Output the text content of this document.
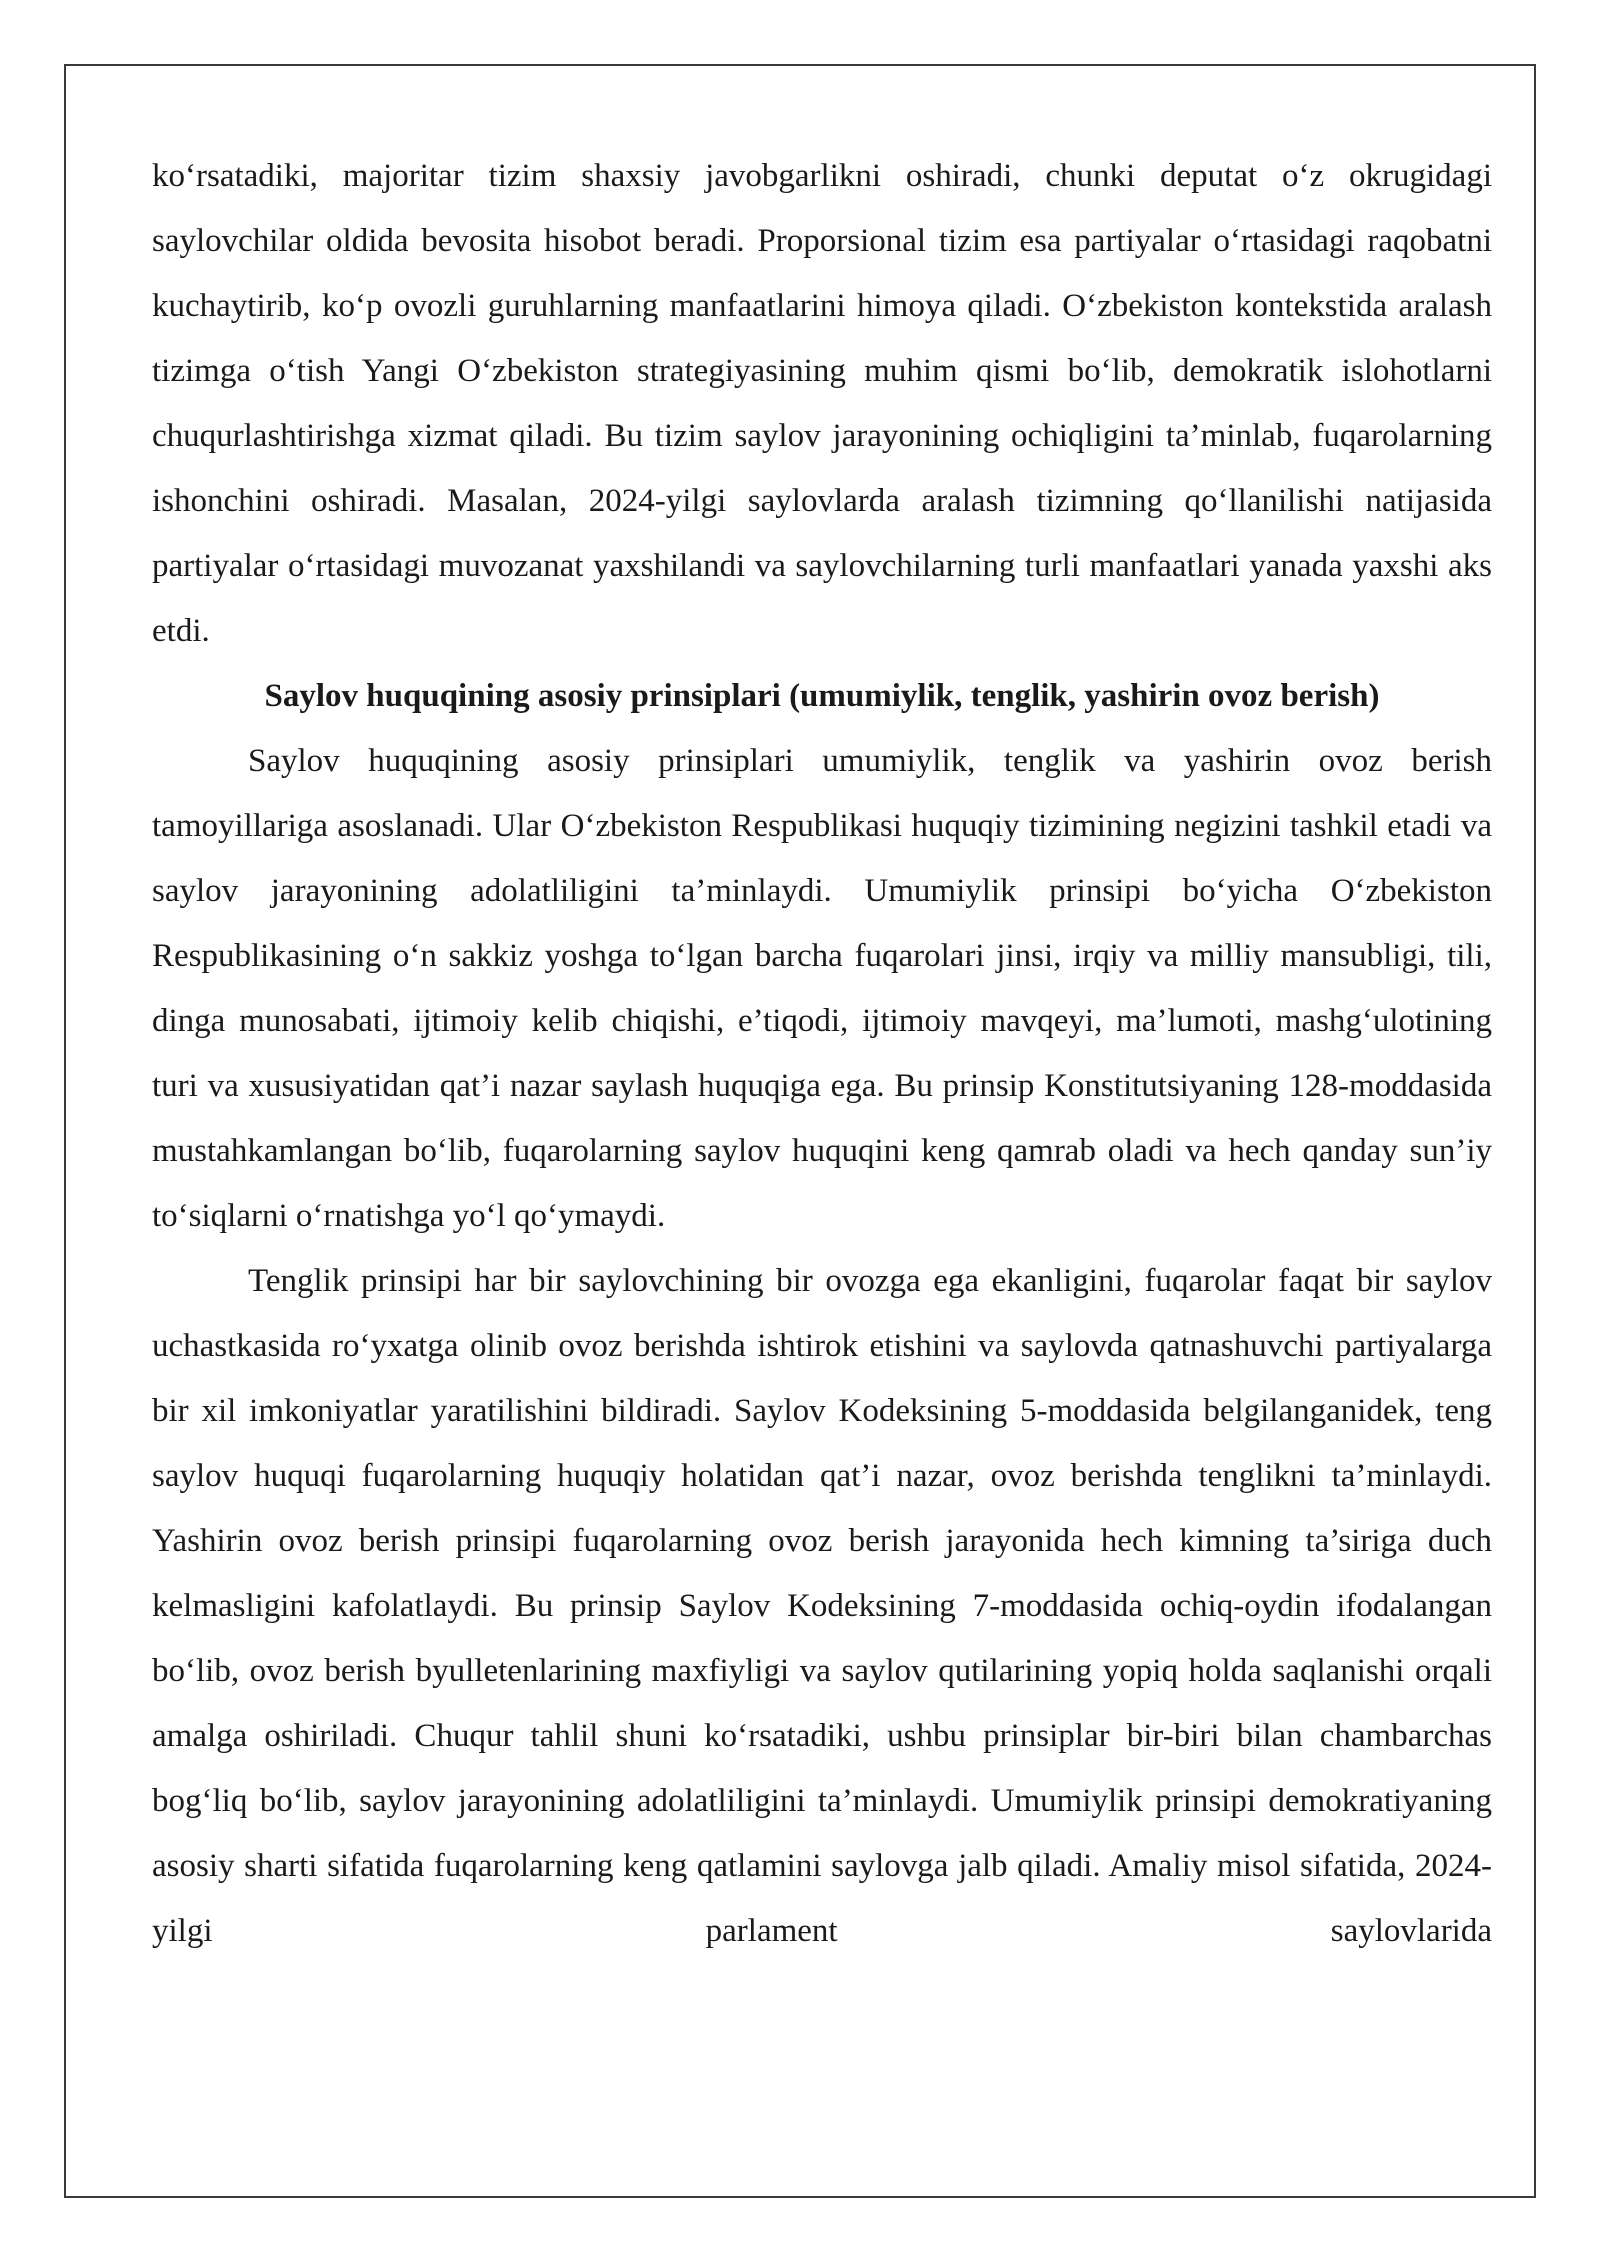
ko‘rsatadiki, majoritar tizim shaxsiy javobgarlikni oshiradi, chunki deputat o‘z okrugidagi saylovchilar oldida bevosita hisobot beradi. Proporsional tizim esa partiyalar o‘rtasidagi raqobatni kuchaytirib, ko‘p ovozli guruhlarning manfaatlarini himoya qiladi. O‘zbekiston kontekstida aralash tizimga o‘tish Yangi O‘zbekiston strategiyasining muhim qismi bo‘lib, demokratik islohotlarni chuqurlashtirishga xizmat qiladi. Bu tizim saylov jarayonining ochiqligini ta’minlab, fuqarolarning ishonchini oshiradi. Masalan, 2024-yilgi saylovlarda aralash tizimning qo‘llanilishi natijasida partiyalar o‘rtasidagi muvozanat yaxshilandi va saylovchilarning turli manfaatlari yanada yaxshi aks etdi.

Saylov huquqining asosiy prinsiplari (umumiylik, tenglik, yashirin ovoz berish)

Saylov huquqining asosiy prinsiplari umumiylik, tenglik va yashirin ovoz berish tamoyillariga asoslanadi. Ular O‘zbekiston Respublikasi huquqiy tizimining negizini tashkil etadi va saylov jarayonining adolatliligini ta’minlaydi. Umumiylik prinsipi bo‘yicha O‘zbekiston Respublikasining o‘n sakkiz yoshga to‘lgan barcha fuqarolari jinsi, irqiy va milliy mansubligi, tili, dinga munosabati, ijtimoiy kelib chiqishi, e’tiqodi, ijtimoiy mavqeyi, ma’lumoti, mashg‘ulotining turi va xususiyatidan qat’i nazar saylash huquqiga ega. Bu prinsip Konstitutsiyaning 128-moddasida mustahkamlangan bo‘lib, fuqarolarning saylov huquqini keng qamrab oladi va hech qanday sun’iy to‘siqlarni o‘rnatishga yo‘l qo‘ymaydi.

Tenglik prinsipi har bir saylovchining bir ovozga ega ekanligini, fuqarolar faqat bir saylov uchastkasida ro‘yxatga olinib ovoz berishda ishtirok etishini va saylovda qatnashuvchi partiyalarga bir xil imkoniyatlar yaratilishini bildiradi. Saylov Kodeksining 5-moddasida belgilanganidek, teng saylov huquqi fuqarolarning huquqiy holatidan qat’i nazar, ovoz berishda tenglikni ta’minlaydi. Yashirin ovoz berish prinsipi fuqarolarning ovoz berish jarayonida hech kimning ta’siriga duch kelmasligini kafolatlaydi. Bu prinsip Saylov Kodeksining 7-moddasida ochiq-oydin ifodalangan bo‘lib, ovoz berish byulletenlarining maxfiyligi va saylov qutilarining yopiq holda saqlanishi orqali amalga oshiriladi. Chuqur tahlil shuni ko‘rsatadiki, ushbu prinsiplar bir-biri bilan chambarchas bog‘liq bo‘lib, saylov jarayonining adolatliligini ta’minlaydi. Umumiylik prinsipi demokratiyaning asosiy sharti sifatida fuqarolarning keng qatlamini saylovga jalb qiladi. Amaliy misol sifatida, 2024-yilgi parlament saylovlarida
